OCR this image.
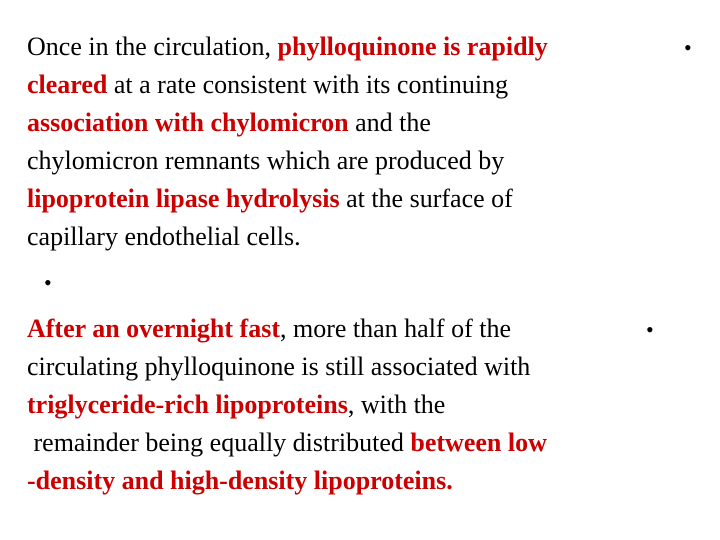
Once in the circulation, phylloquinone is rapidly
cleared at a rate consistent with its continuing
association with chylomicron and the
chylomicron remnants which are produced by
lipoprotein lipase hydrolysis at the surface of
capillary endothelial cells.
•
•
After an overnight fast, more than half of the
circulating phylloquinone is still associated with
triglyceride-rich lipoproteins, with the
remainder being equally distributed between low
-density and high-density lipoproteins.
•
